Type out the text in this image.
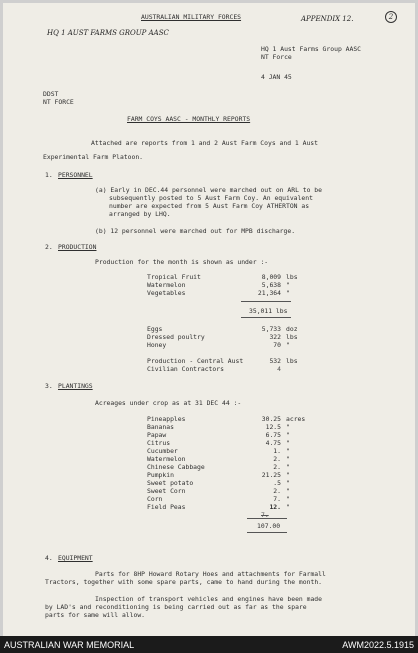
AUSTRALIAN MILITARY FORCES	APPENDIX 12.	2
HQ 1 AUST FARMS GROUP AASC
HQ 1 Aust Farms Group AASC
NT Force
4 JAN 45
DDST
NT FORCE
FARM COYS AASC - MONTHLY REPORTS
Attached are reports from 1 and 2 Aust Farm Coys and 1 Aust
Experimental Farm Platoon.
1. PERSONNEL
(a) Early in DEC.44 personnel were marched out on ARL to be
subsequently posted to 5 Aust Farm Coy. An equivalent
number are expected from 5 Aust Farm Coy ATHERTON as
arranged by LHQ.
(b) 12 personnel were marched out for MPB discharge.
2. PRODUCTION
Production for the month is shown as under :-
Tropical Fruit	8,009 lbs
Watermelon	5,638 "
Vegetables	21,364 "
35,011 lbs
Eggs	5,733 doz
Dressed poultry	322 lbs
Honey	70 "
Production - Central Aust	532 lbs
Civilian Contractors	4
3. PLANTINGS
Acreages under crop as at 31 DEC 44 :-
Pineapples	30.25 acres
Bananas	12.5 "
Papaw	6.75 "
Citrus	4.75 "
Cucumber	1. "
Watermelon	2. "
Chinese Cabbage	2. "
Pumpkin	21.25 "
Sweet potato	.5 "
Sweet Corn	2. "
Corn	7. "
Field Peas	12. "
7.
107.00
4. EQUIPMENT
Parts for 8HP Howard Rotary Hoes and attachments for Farmall
Tractors, together with some spare parts, came to hand during the month.
Inspection of transport vehicles and engines have been made
by LAD's and reconditioning is being carried out as far as the spare
parts for same will allow.
AUSTRALIAN WAR MEMORIAL	AWM2022.5.1915
